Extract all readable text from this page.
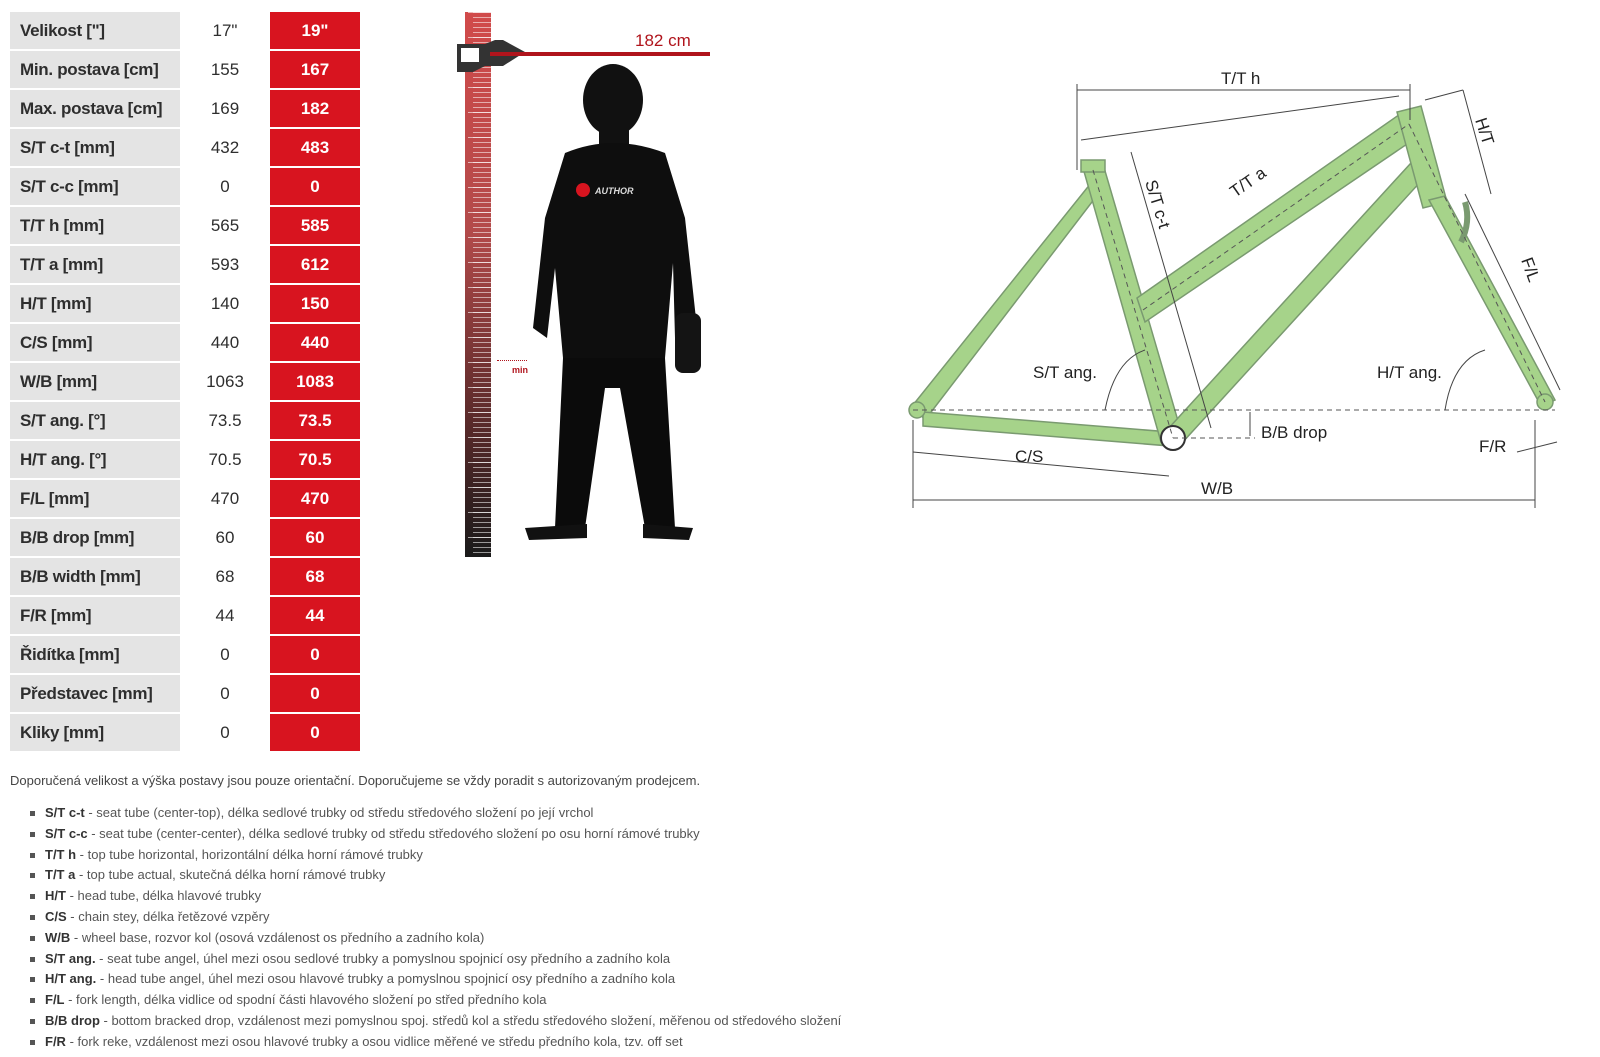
Velikost ["]	17"	19"
Min. postava [cm]	155	167
Max. postava [cm]	169	182
S/T c-t [mm]	432	483
S/T c-c [mm]	0	0
T/T h [mm]	565	585
T/T a [mm]	593	612
H/T [mm]	140	150
C/S [mm]	440	440
W/B [mm]	1063	1083
S/T ang. [°]	73.5	73.5
H/T ang. [°]	70.5	70.5
F/L [mm]	470	470
B/B drop [mm]	60	60
B/B width [mm]	68	68
F/R [mm]	44	44
Řidítka [mm]	0	0
Představec [mm]	0	0
Kliky [mm]	0	0
182 cm
min
AUTHOR
T/T h
H/T
S/T c-t	T/T a
F/L
S/T ang.	H/T ang.
B/B drop
F/R
C/S
W/B
Doporučená velikost a výška postavy jsou pouze orientační. Doporučujeme se vždy poradit s autorizovaným prodejcem.
S/T c-t - seat tube (center-top), délka sedlové trubky od středu středového složení po její vrchol
S/T c-c - seat tube (center-center), délka sedlové trubky od středu středového složení po osu horní rámové trubky
T/T h - top tube horizontal, horizontální délka horní rámové trubky
T/T a - top tube actual, skutečná délka horní rámové trubky
H/T - head tube, délka hlavové trubky
C/S - chain stey, délka řetězové vzpěry
W/B - wheel base, rozvor kol (osová vzdálenost os předního a zadního kola)
S/T ang. - seat tube angel, úhel mezi osou sedlové trubky a pomyslnou spojnicí osy předního a zadního kola
H/T ang. - head tube angel, úhel mezi osou hlavové trubky a pomyslnou spojnicí osy předního a zadního kola
F/L - fork length, délka vidlice od spodní části hlavového složení po střed předního kola
B/B drop - bottom bracked drop, vzdálenost mezi pomyslnou spoj. středů kol a středu středového složení, měřenou od středového složení
F/R - fork reke, vzdálenost mezi osou hlavové trubky a osou vidlice měřené ve středu předního kola, tzv. off set
